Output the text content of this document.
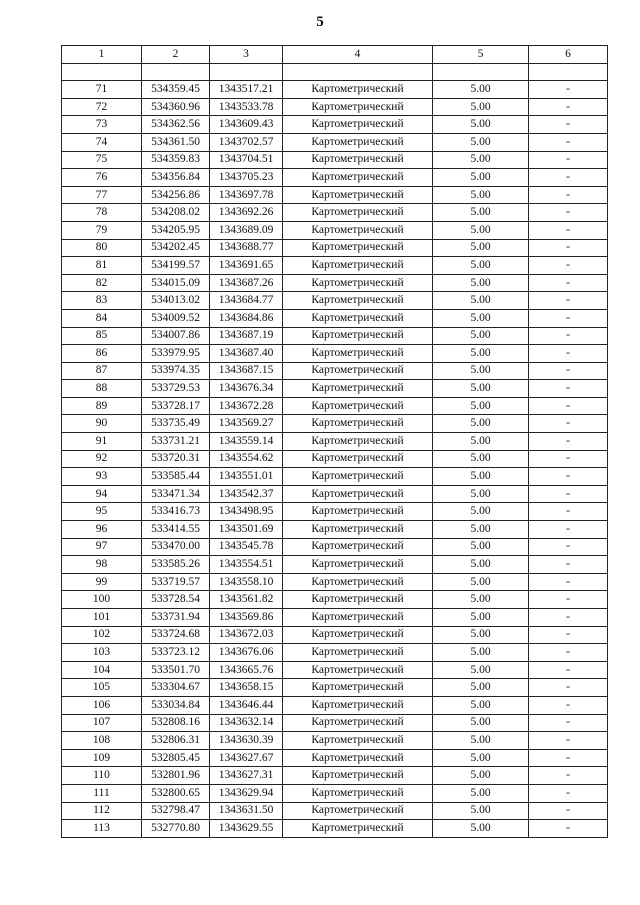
5
1	2	3	4	5	6

71	534359.45	1343517.21	Картометрический	5.00	-
72	534360.96	1343533.78	Картометрический	5.00	-
73	534362.56	1343609.43	Картометрический	5.00	-
74	534361.50	1343702.57	Картометрический	5.00	-
75	534359.83	1343704.51	Картометрический	5.00	-
76	534356.84	1343705.23	Картометрический	5.00	-
77	534256.86	1343697.78	Картометрический	5.00	-
78	534208.02	1343692.26	Картометрический	5.00	-
79	534205.95	1343689.09	Картометрический	5.00	-
80	534202.45	1343688.77	Картометрический	5.00	-
81	534199.57	1343691.65	Картометрический	5.00	-
82	534015.09	1343687.26	Картометрический	5.00	-
83	534013.02	1343684.77	Картометрический	5.00	-
84	534009.52	1343684.86	Картометрический	5.00	-
85	534007.86	1343687.19	Картометрический	5.00	-
86	533979.95	1343687.40	Картометрический	5.00	-
87	533974.35	1343687.15	Картометрический	5.00	-
88	533729.53	1343676.34	Картометрический	5.00	-
89	533728.17	1343672.28	Картометрический	5.00	-
90	533735.49	1343569.27	Картометрический	5.00	-
91	533731.21	1343559.14	Картометрический	5.00	-
92	533720.31	1343554.62	Картометрический	5.00	-
93	533585.44	1343551.01	Картометрический	5.00	-
94	533471.34	1343542.37	Картометрический	5.00	-
95	533416.73	1343498.95	Картометрический	5.00	-
96	533414.55	1343501.69	Картометрический	5.00	-
97	533470.00	1343545.78	Картометрический	5.00	-
98	533585.26	1343554.51	Картометрический	5.00	-
99	533719.57	1343558.10	Картометрический	5.00	-
100	533728.54	1343561.82	Картометрический	5.00	-
101	533731.94	1343569.86	Картометрический	5.00	-
102	533724.68	1343672.03	Картометрический	5.00	-
103	533723.12	1343676.06	Картометрический	5.00	-
104	533501.70	1343665.76	Картометрический	5.00	-
105	533304.67	1343658.15	Картометрический	5.00	-
106	533034.84	1343646.44	Картометрический	5.00	-
107	532808.16	1343632.14	Картометрический	5.00	-
108	532806.31	1343630.39	Картометрический	5.00	-
109	532805.45	1343627.67	Картометрический	5.00	-
110	532801.96	1343627.31	Картометрический	5.00	-
111	532800.65	1343629.94	Картометрический	5.00	-
112	532798.47	1343631.50	Картометрический	5.00	-
113	532770.80	1343629.55	Картометрический	5.00	-
